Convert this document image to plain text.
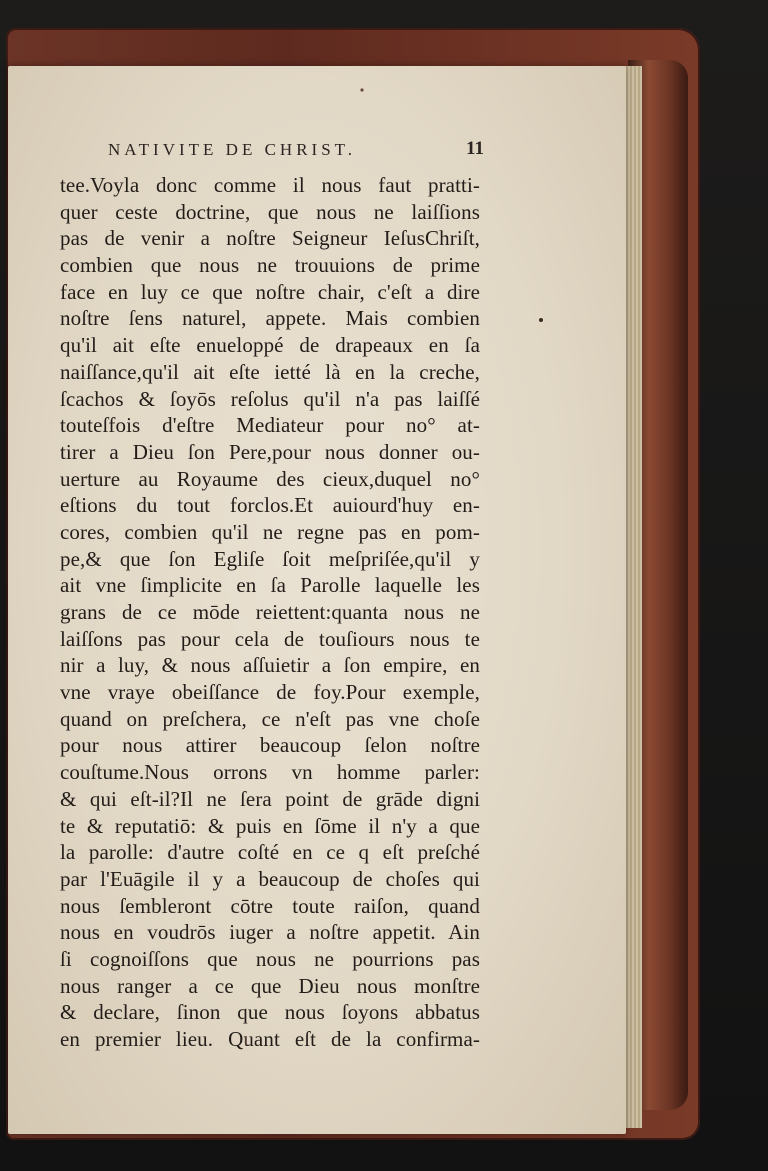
NATIVITE DE CHRIST.	11
tee.Voyla donc comme il nous faut pratti-
quer ceste doctrine, que nous ne laiſſions
pas de venir a noſtre Seigneur IeſusChriſt,
combien que nous ne trouuions de prime
face en luy ce que noſtre chair, c'eſt a dire
noſtre ſens naturel, appete. Mais combien
qu'il ait eſte enueloppé de drapeaux en ſa
naiſſance,qu'il ait eſte ietté là en la creche,
ſcachos & ſoyōs reſolus qu'il n'a pas laiſſé
touteſfois d'eſtre Mediateur pour no° at-
tirer a Dieu ſon Pere,pour nous donner ou-
uerture au Royaume des cieux,duquel no°
eſtions du tout forclos.Et auiourd'huy en-
cores, combien qu'il ne regne pas en pom-
pe,& que ſon Egliſe ſoit meſpriſée,qu'il y
ait vne ſimplicite en ſa Parolle laquelle les
grans de ce mōde reiettent:quanta nous ne
laiſſons pas pour cela de touſiours nous te
nir a luy, & nous aſſuietir a ſon empire, en
vne vraye obeiſſance de foy.Pour exemple,
quand on preſchera, ce n'eſt pas vne choſe
pour nous attirer beaucoup ſelon noſtre
couſtume.Nous orrons vn homme parler:
& qui eſt-il?Il ne ſera point de grāde digni
te & reputatiō: & puis en ſōme il n'y a que
la parolle: d'autre coſté en ce q eſt preſché
par l'Euāgile il y a beaucoup de choſes qui
nous ſembleront cōtre toute raiſon, quand
nous en voudrōs iuger a noſtre appetit. Ain
ſi cognoiſſons que nous ne pourrions pas
nous ranger a ce que Dieu nous monſtre
& declare, ſinon que nous ſoyons abbatus
en premier lieu. Quant eſt de la confirma-
